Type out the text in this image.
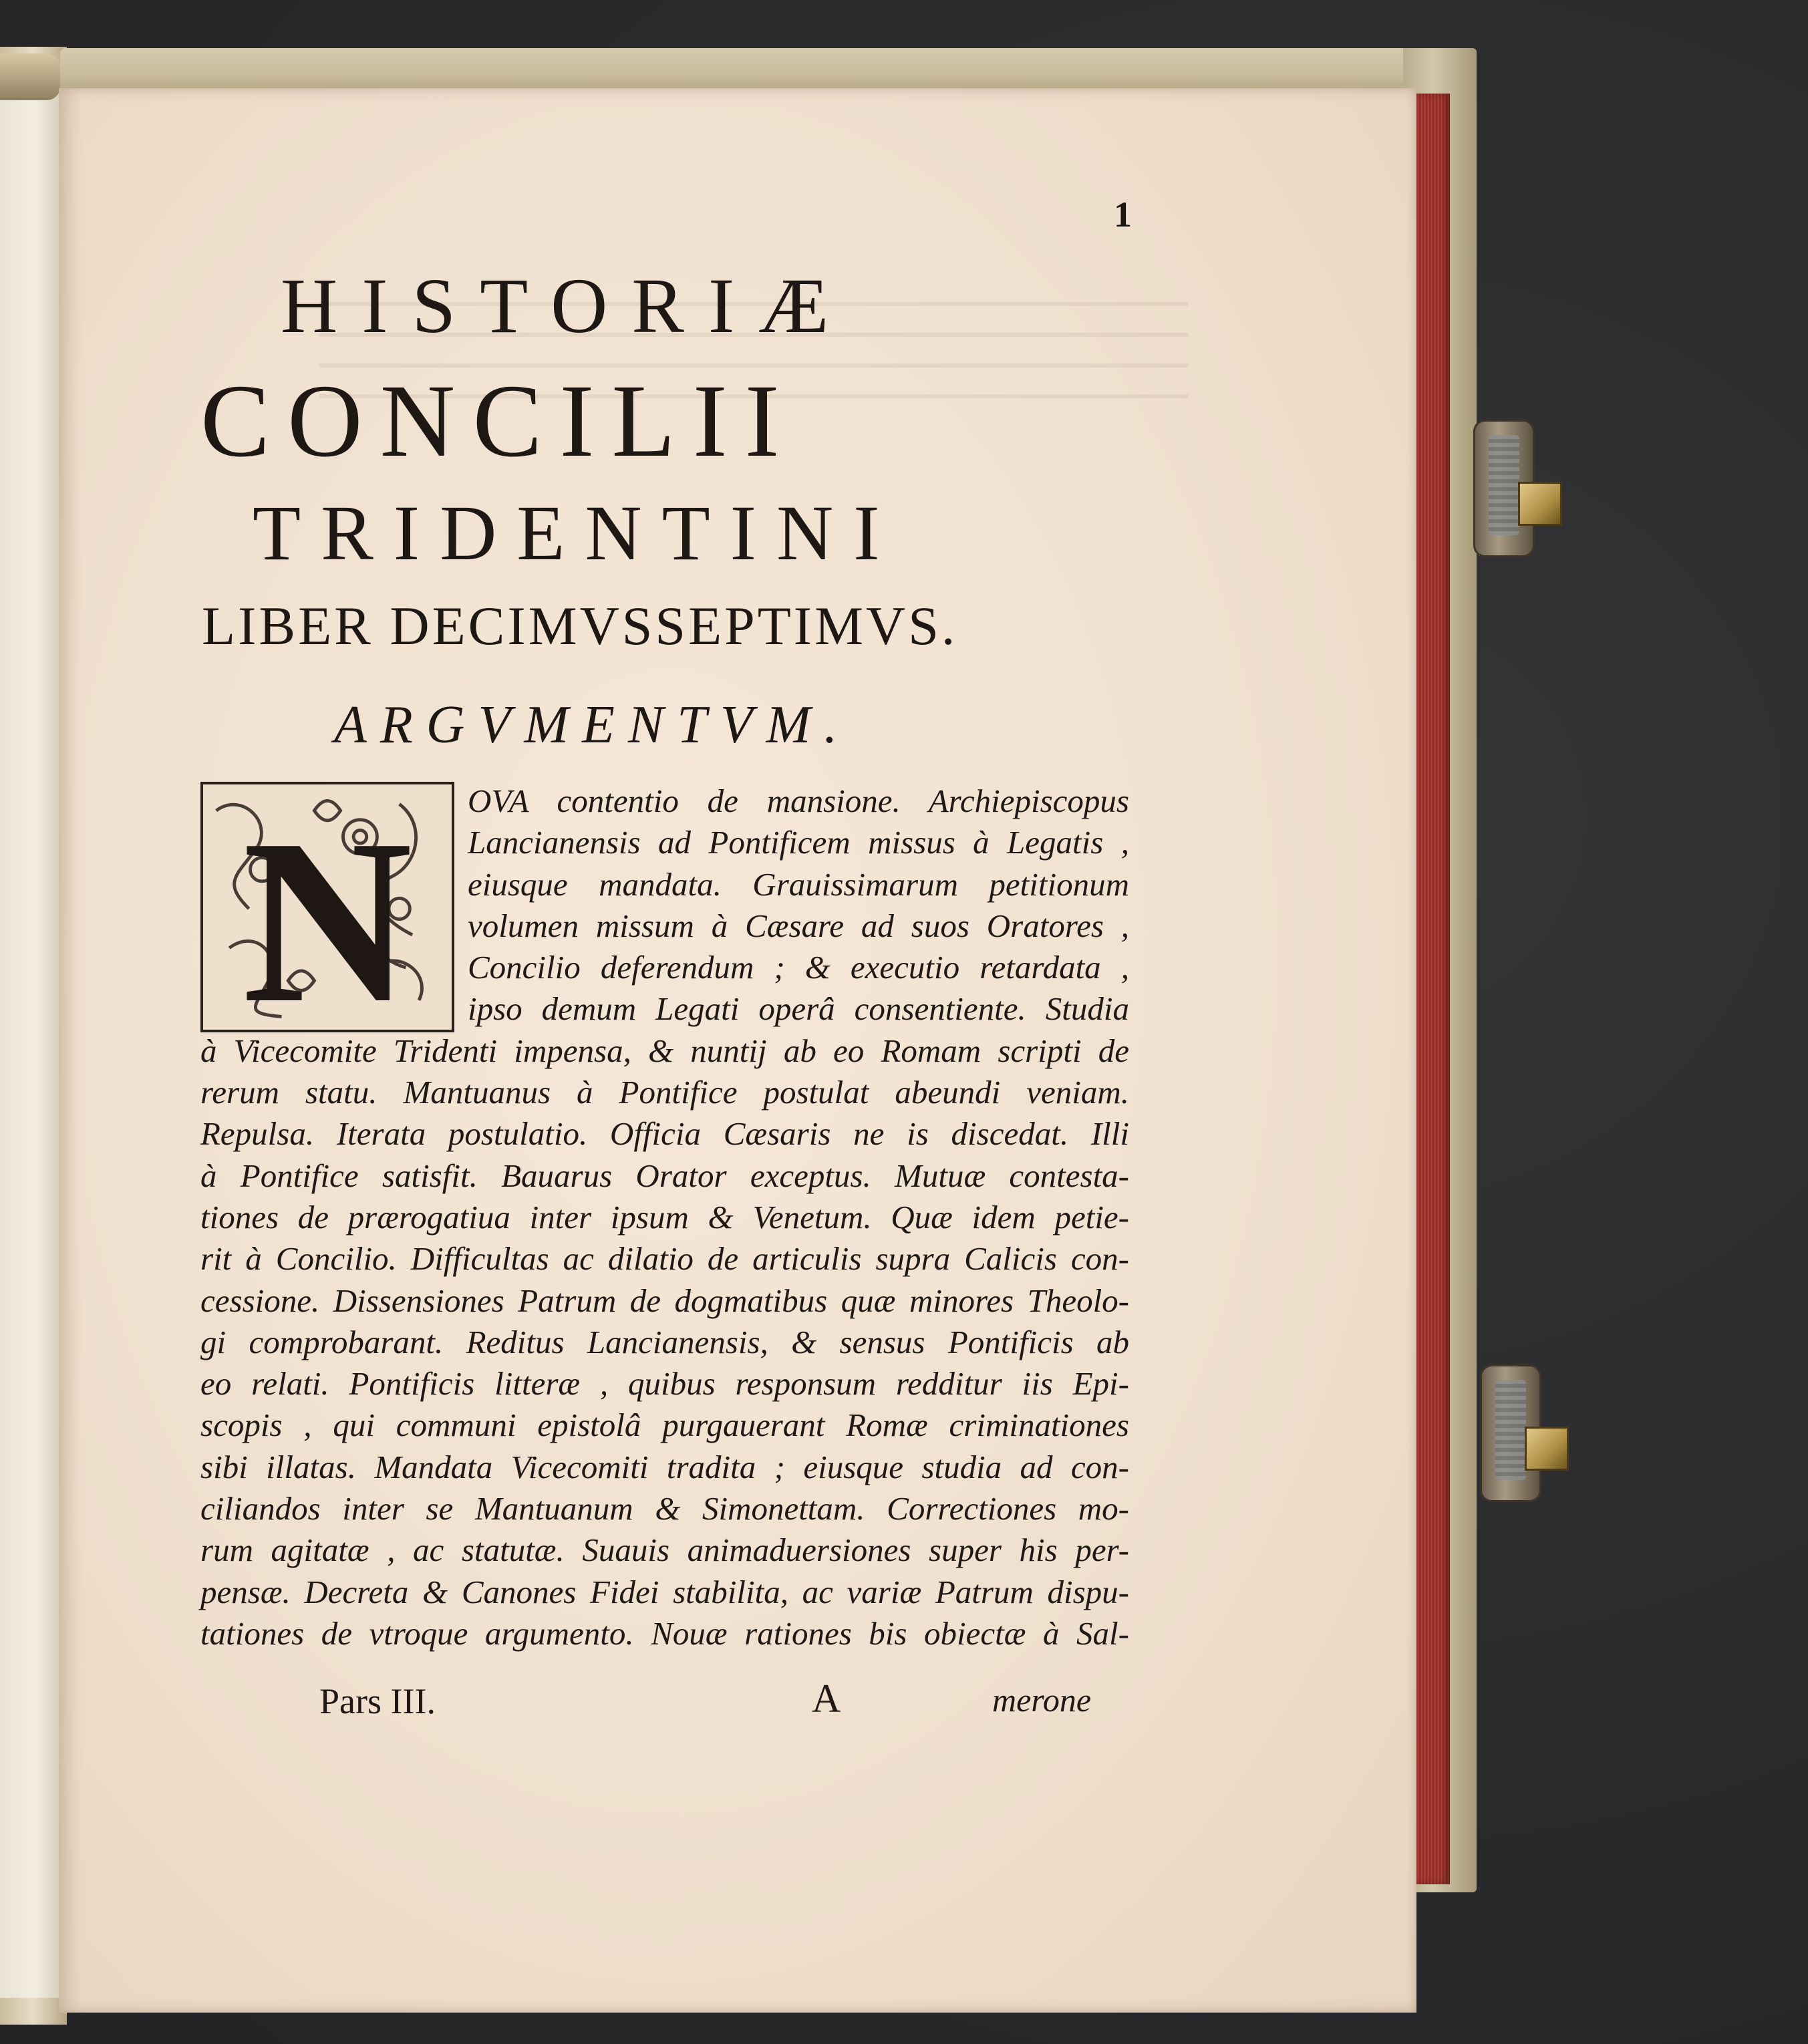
1
HISTORIÆ
CONCILII
TRIDENTINI
LIBER DECIMVSSEPTIMVS.
ARGVMENTVM.
OVA contentio de mansione. Archiepiscopus
Lancianensis ad Pontificem missus à Legatis ,
eiusque mandata. Grauissimarum petitionum
volumen missum à Cæsare ad suos Oratores ,
Concilio deferendum ; & executio retardata ,
ipso demum Legati operâ consentiente. Studia
à Vicecomite Tridenti impensa, & nuntij ab eo Romam scripti de
rerum statu. Mantuanus à Pontifice postulat abeundi veniam.
Repulsa. Iterata postulatio. Officia Cæsaris ne is discedat. Illi
à Pontifice satisfit. Bauarus Orator exceptus. Mutuæ contesta-
tiones de prærogatiua inter ipsum & Venetum. Quæ idem petie-
rit à Concilio. Difficultas ac dilatio de articulis supra Calicis con-
cessione. Dissensiones Patrum de dogmatibus quæ minores Theolo-
gi comprobarant. Reditus Lancianensis, & sensus Pontificis ab
eo relati. Pontificis litteræ , quibus responsum redditur iis Epi-
scopis , qui communi epistolâ purgauerant Romæ criminationes
sibi illatas. Mandata Vicecomiti tradita ; eiusque studia ad con-
ciliandos inter se Mantuanum & Simonettam. Correctiones mo-
rum agitatæ , ac statutæ. Suauis animaduersiones super his per-
pensæ. Decreta & Canones Fidei stabilita, ac variæ Patrum dispu-
tationes de vtroque argumento. Nouæ rationes bis obiectæ à Sal-
N
Pars III.	A	merone
